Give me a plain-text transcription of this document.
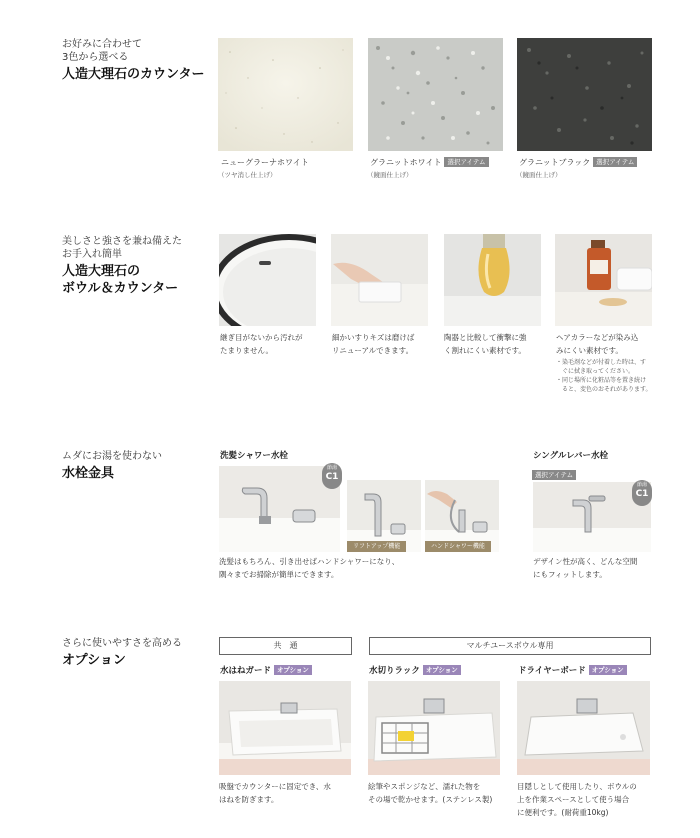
お好みに合わせて
3色から選べる
人造大理石のカウンター
ニューグラーナホワイト
（ツヤ消し仕上げ）
グラニットホワイト 選択アイテム
（鏡面仕上げ）
グラニットブラック 選択アイテム
（鏡面仕上げ）
美しさと強さを兼ね備えた
お手入れ簡単
人造大理石の
ボウル＆カウンター
継ぎ目がないから汚れが
たまりません。
細かいすりキズは磨けば
リニューアルできます。
陶器と比較して衝撃に強
く割れにくい素材です。
ヘアカラーなどが染み込
みにくい素材です。
・染毛剤などが付着した時は、す
　ぐに拭き取ってください。
・同じ場所に化粧品等を置き続け
　ると、変色のおそれがあります。
ムダにお湯を使わない
水栓金具
洗髪シャワー水栓	シングルレバー水栓
選択アイテム
節湯
C1
リフトアップ機能	ハンドシャワー機能
節湯
C1
洗髪はもちろん、引き出せばハンドシャワーになり、
隅々までお掃除が簡単にできます。
デザイン性が高く、どんな空間
にもフィットします。
さらに使いやすさを高める
オプション
共　通	マルチユースボウル専用
水はねガード オプション	水切りラック オプション	ドライヤーボード オプション
吸盤でカウンターに固定でき、水
はねを防ぎます。
絵筆やスポンジなど、濡れた物を
その場で乾かせます。(ステンレス製)
目隠しとして使用したり、ボウルの
上を作業スペースとして使う場合
に便利です。(耐荷重10kg)
